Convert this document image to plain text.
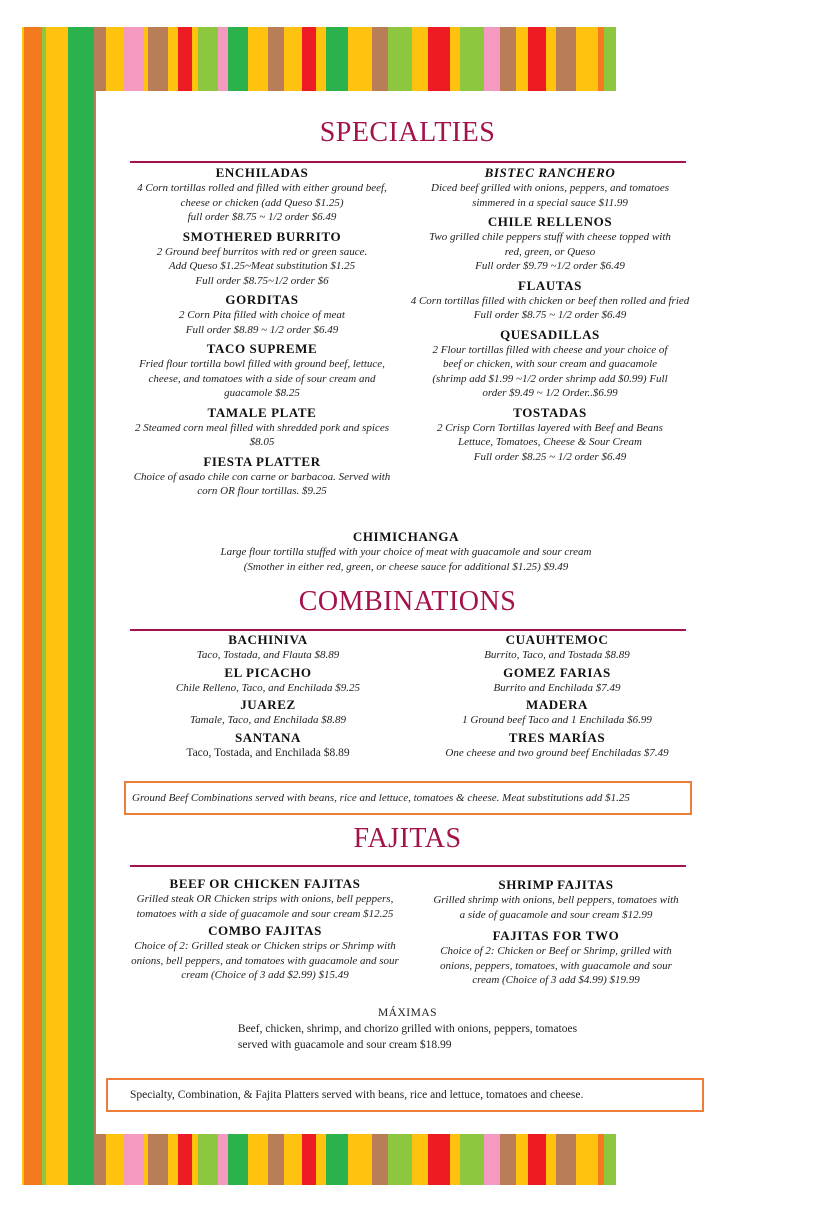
SPECIALTIES
ENCHILADAS
4 Corn tortillas rolled and filled with either ground beef,
cheese or chicken (add Queso $1.25)
full order $8.75 ~ 1/2 order $6.49
SMOTHERED BURRITO
2 Ground beef burritos with red or green sauce.
Add Queso $1.25~Meat substitution $1.25
Full order $8.75~1/2 order $6
GORDITAS
2 Corn Pita filled with choice of meat
Full order $8.89 ~ 1/2 order $6.49
TACO SUPREME
Fried flour tortilla bowl filled with ground beef, lettuce,
cheese, and tomatoes with a side of sour cream and
guacamole $8.25
TAMALE PLATE
2 Steamed corn meal filled with shredded pork and spices
$8.05
FIESTA PLATTER
Choice of asado chile con carne or barbacoa. Served with
corn OR flour tortillas. $9.25
BISTEC RANCHERO
Diced beef grilled with onions, peppers, and tomatoes
simmered in a special sauce $11.99
CHILE RELLENOS
Two grilled chile peppers stuff with cheese topped with
red, green, or Queso
Full order $9.79 ~1/2 order $6.49
FLAUTAS
4 Corn tortillas filled with chicken or beef then rolled and fried
Full order $8.75 ~ 1/2 order $6.49
QUESADILLAS
2 Flour tortillas filled with cheese and your choice of
beef or chicken, with sour cream and guacamole
(shrimp add $1.99 ~1/2 order shrimp add $0.99) Full
order $9.49 ~ 1/2 Order..$6.99
TOSTADAS
2 Crisp Corn Tortillas layered with Beef and Beans
Lettuce, Tomatoes, Cheese & Sour Cream
Full order $8.25 ~ 1/2 order $6.49
CHIMICHANGA
Large flour tortilla stuffed with your choice of meat with guacamole and sour cream
(Smother in either red, green, or cheese sauce for additional $1.25) $9.49
COMBINATIONS
BACHINIVA
Taco, Tostada, and Flauta $8.89
EL PICACHO
Chile Relleno, Taco, and Enchilada $9.25
JUAREZ
Tamale, Taco, and Enchilada $8.89
SANTANA
Taco, Tostada, and Enchilada $8.89
CUAUHTEMOC
Burrito, Taco, and Tostada $8.89
GOMEZ FARIAS
Burrito and Enchilada $7.49
MADERA
1 Ground beef Taco and 1 Enchilada $6.99
TRES MARÍAS
One cheese and two ground beef Enchiladas $7.49
Ground Beef Combinations served with beans, rice and lettuce, tomatoes & cheese. Meat substitutions add $1.25
FAJITAS
BEEF OR CHICKEN FAJITAS
Grilled steak OR Chicken strips with onions, bell peppers,
tomatoes with a side of guacamole and sour cream $12.25
COMBO FAJITAS
Choice of 2: Grilled steak or Chicken strips or Shrimp with
onions, bell peppers, and tomatoes with guacamole and sour
cream (Choice of 3 add $2.99) $15.49
SHRIMP FAJITAS
Grilled shrimp with onions, bell peppers, tomatoes with
a side of guacamole and sour cream $12.99
FAJITAS FOR TWO
Choice of 2: Chicken or Beef or Shrimp, grilled with
onions, peppers, tomatoes, with guacamole and sour
cream (Choice of 3 add $4.99) $19.99
MÁXIMAS
Beef, chicken, shrimp, and chorizo grilled with onions, peppers, tomatoes
served with guacamole and sour cream $18.99
Specialty, Combination, & Fajita Platters served with beans, rice and lettuce, tomatoes and cheese.
